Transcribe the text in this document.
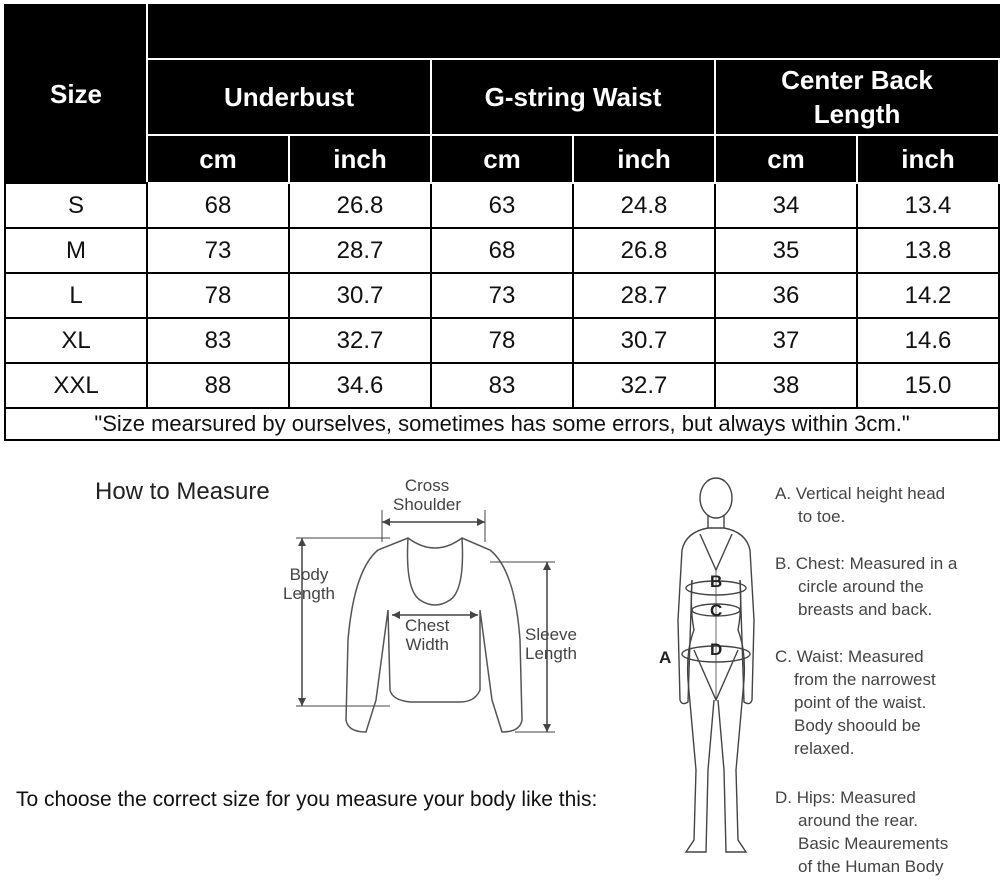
Size						
	Underbust		G-string Waist		Center Back Length	
	cm	inch	cm	inch	cm	inch
S	68	26.8	63	24.8	34	13.4
M	73	28.7	68	26.8	35	13.8
L	78	30.7	73	28.7	36	14.2
XL	83	32.7	78	30.7	37	14.6
XXL	88	34.6	83	32.7	38	15.0
"Size mearsured by ourselves, sometimes has some errors, but always within 3cm."						
How to Measure	Cross
Shoulder
Body
Length
Chest
Width
Sleeve
Length
To choose the correct size for you measure your body like this:
B
C
D
A
A. Vertical height head
to toe.
B. Chest: Measured in a
circle around the
breasts and back.
C. Waist: Measured
from the narrowest
point of the waist.
Body shoould be
relaxed.
D. Hips: Measured
around the rear.
Basic Meaurements
of the Human Body
